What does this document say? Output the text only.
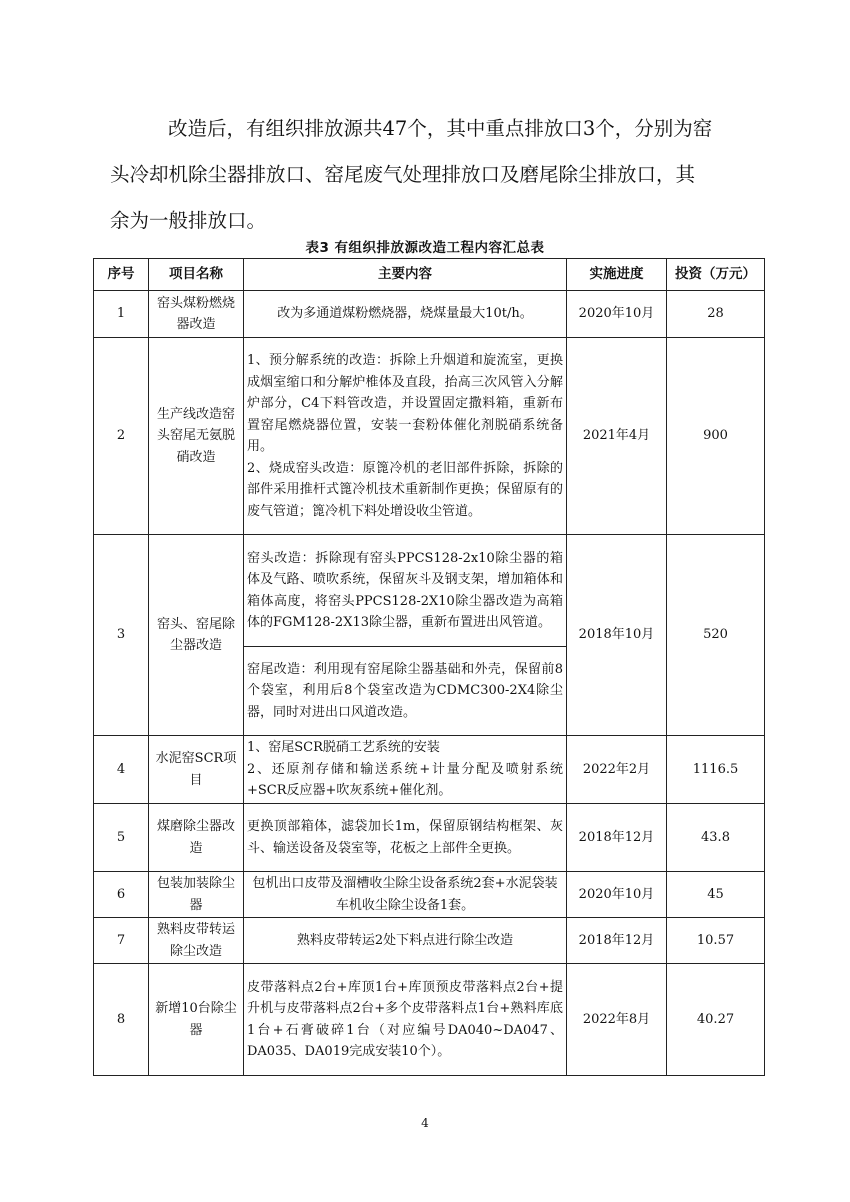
改造后，有组织排放源共47个，其中重点排放口3个，分别为窑
头冷却机除尘器排放口、窑尾废气处理排放口及磨尾除尘排放口，其
余为一般排放口。
表3 有组织排放源改造工程内容汇总表
序号	项目名称	主要内容	实施进度	投资（万元）
1	窑头煤粉燃烧器改造	改为多通道煤粉燃烧器，烧煤量最大10t/h。	2020年10月	28
2	生产线改造窑头窑尾无氨脱硝改造	1、预分解系统的改造：拆除上升烟道和旋流室，更换成烟室缩口和分解炉椎体及直段，抬高三次风管入分解炉部分，C4下料管改造，并设置固定撒料箱，重新布置窑尾燃烧器位置，安装一套粉体催化剂脱硝系统备用。
2、烧成窑头改造：原篦冷机的老旧部件拆除，拆除的部件采用推杆式篦冷机技术重新制作更换；保留原有的废气管道；篦冷机下料处增设收尘管道。	2021年4月	900
3	窑头、窑尾除尘器改造	窑头改造：拆除现有窑头PPCS128-2x10除尘器的箱体及气路、喷吹系统，保留灰斗及钢支架，增加箱体和箱体高度，将窑头PPCS128-2X10除尘器改造为高箱体的FGM128-2X13除尘器，重新布置进出风管道。	2018年10月	520
		窑尾改造：利用现有窑尾除尘器基础和外壳，保留前8个袋室，利用后8个袋室改造为CDMC300-2X4除尘器，同时对进出口风道改造。		
4	水泥窑SCR项目	1、窑尾SCR脱硝工艺系统的安装
2、还原剂存储和输送系统+计量分配及喷射系统+SCR反应器+吹灰系统+催化剂。	2022年2月	1116.5
5	煤磨除尘器改造	更换顶部箱体，滤袋加长1m，保留原钢结构框架、灰斗、输送设备及袋室等，花板之上部件全更换。	2018年12月	43.8
6	包装加装除尘器	包机出口皮带及溜槽收尘除尘设备系统2套+水泥袋装车机收尘除尘设备1套。	2020年10月	45
7	熟料皮带转运除尘改造	熟料皮带转运2处下料点进行除尘改造	2018年12月	10.57
8	新增10台除尘器	皮带落料点2台+库顶1台+库顶预皮带落料点2台+提升机与皮带落料点2台+多个皮带落料点1台+熟料库底1台+石膏破碎1台（对应编号DA040~DA047、DA035、DA019完成安装10个）。	2022年8月	40.27
4
